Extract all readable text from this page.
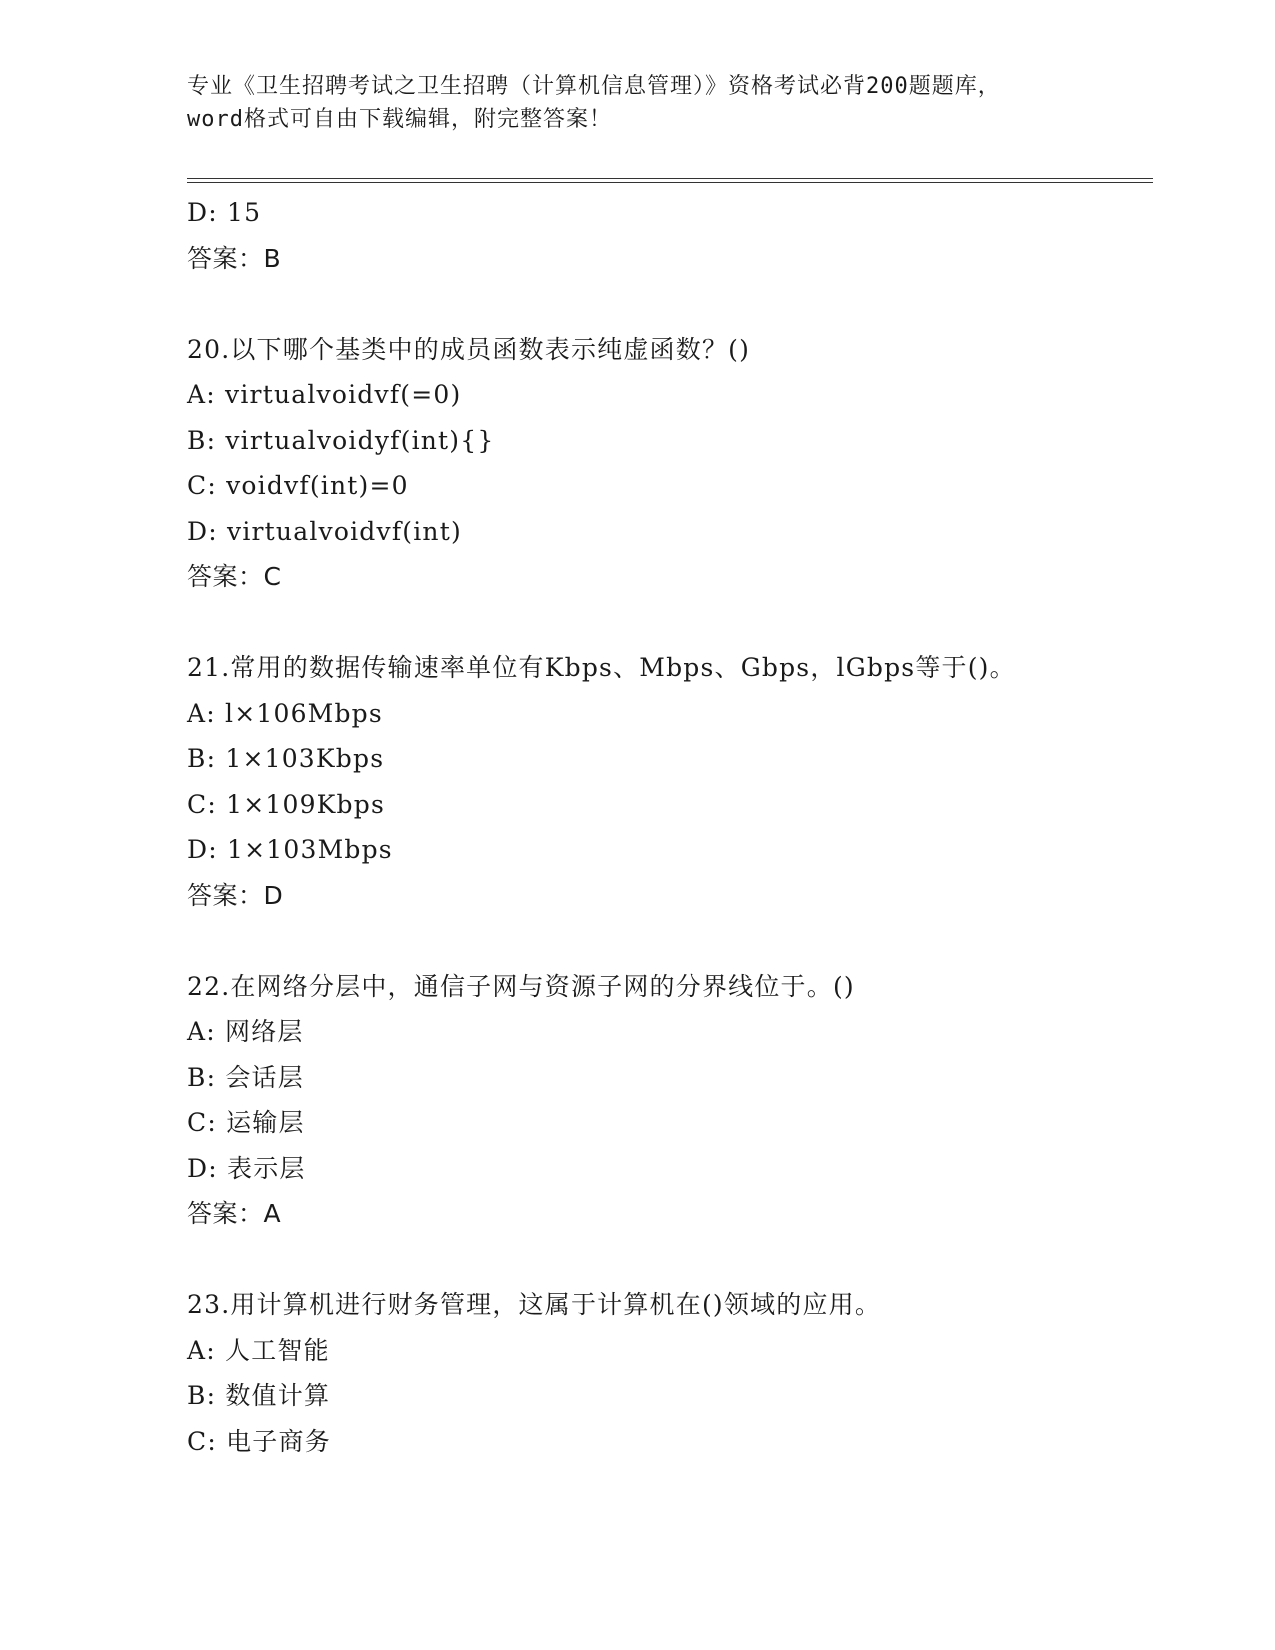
专业《卫生招聘考试之卫生招聘（计算机信息管理）》资格考试必背200题题库，
word格式可自由下载编辑，附完整答案！
D: 15
答案：B
20.以下哪个基类中的成员函数表示纯虚函数？()
A: virtualvoidvf(=0)
B: virtualvoidyf(int){}
C: voidvf(int)=0
D: virtualvoidvf(int)
答案：C
21.常用的数据传输速率单位有Kbps、Mbps、Gbps，lGbps等于()。
A: l×106Mbps
B: 1×103Kbps
C: 1×109Kbps
D: 1×103Mbps
答案：D
22.在网络分层中，通信子网与资源子网的分界线位于。()
A: 网络层
B: 会话层
C: 运输层
D: 表示层
答案：A
23.用计算机进行财务管理，这属于计算机在()领域的应用。
A: 人工智能
B: 数值计算
C: 电子商务
